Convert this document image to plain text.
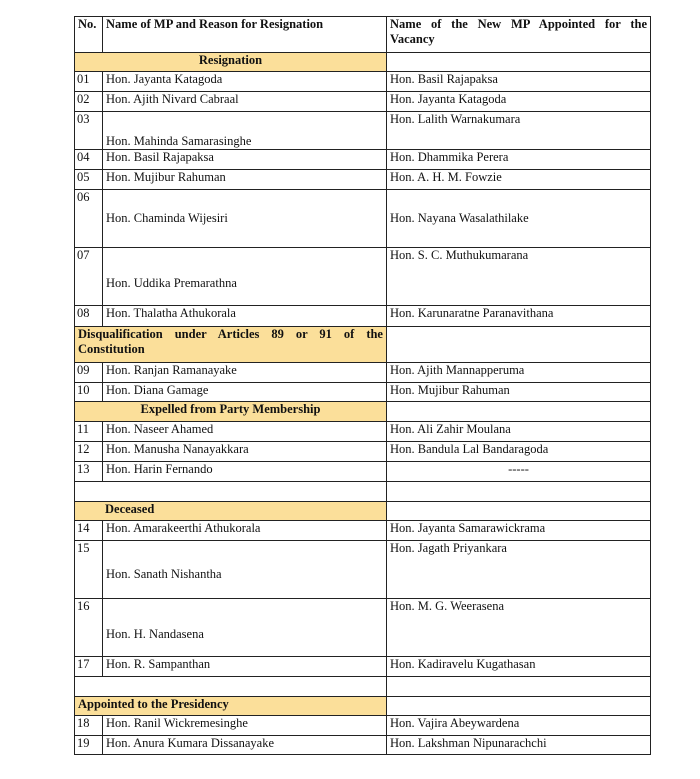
No.	Name of MP and Reason for Resignation	Name of the New MP Appointed for the
Vacancy

Resignation		
01	Hon. Jayanta Katagoda	Hon. Basil Rajapaksa
02	Hon. Ajith Nivard Cabraal	Hon. Jayanta Katagoda
03	Hon. Mahinda Samarasinghe	Hon. Lalith Warnakumara
04	Hon. Basil Rajapaksa	Hon. Dhammika Perera
05	Hon. Mujibur Rahuman	Hon. A. H. M. Fowzie
06	Hon. Chaminda Wijesiri	Hon. Nayana Wasalathilake
07	Hon. Uddika Premarathna	Hon. S. C. Muthukumarana
08	Hon. Thalatha Athukorala	Hon. Karunaratne Paranavithana

Disqualification under Articles 89 or 91 of the
Constitution		

09	Hon. Ranjan Ramanayake	Hon. Ajith Mannapperuma
10	Hon. Diana Gamage	Hon. Mujibur Rahuman
Expelled from Party Membership		
11	Hon. Naseer Ahamed	Hon. Ali Zahir Moulana
12	Hon. Manusha Nanayakkara	Hon. Bandula Lal Bandaragoda
13	Hon. Harin Fernando	-----

Deceased		
14	Hon. Amarakeerthi Athukorala	Hon. Jayanta Samarawickrama
15	Hon. Sanath Nishantha	Hon. Jagath Priyankara
16	Hon. H. Nandasena	Hon. M. G. Weerasena
17	Hon. R. Sampanthan	Hon. Kadiravelu Kugathasan

Appointed to the Presidency		
18	Hon. Ranil Wickremesinghe	Hon. Vajira Abeywardena
19	Hon. Anura Kumara Dissanayake	Hon. Lakshman Nipunarachchi
